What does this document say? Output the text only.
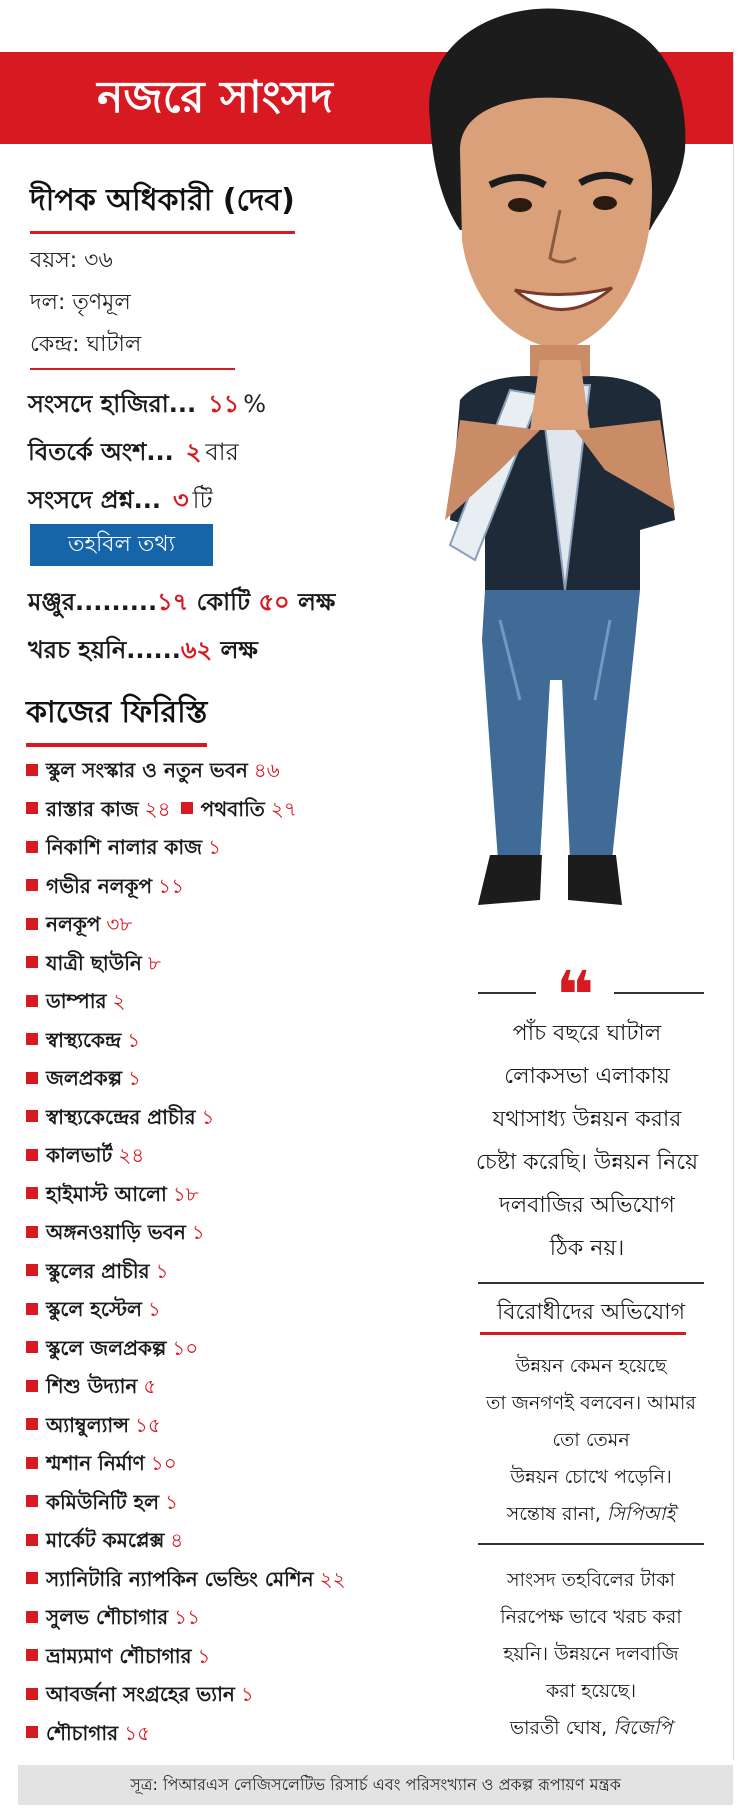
নজরে সাংসদ
দীপক অধিকারী (দেব)
বয়স: ৩৬
দল: তৃণমূল
কেন্দ্র: ঘাটাল
সংসদে হাজিরা... ১১ %
বিতর্কে অংশ... ২ বার
সংসদে প্রশ্ন... ৩ টি
তহবিল তথ্য
মঞ্জুর.........১৭ কোটি ৫০ লক্ষ
খরচ হয়নি......৬২ লক্ষ
কাজের ফিরিস্তি
স্কুল সংস্কার ও নতুন ভবন ৪৬
রাস্তার কাজ ২৪ পথবাতি ২৭
নিকাশি নালার কাজ ১
গভীর নলকূপ ১১
নলকূপ ৩৮
যাত্রী ছাউনি ৮
ডাম্পার ২
স্বাস্থ্যকেন্দ্র ১
জলপ্রকল্প ১
স্বাস্থ্যকেন্দ্রের প্রাচীর ১
কালভার্ট ২৪
হাইমাস্ট আলো ১৮
অঙ্গনওয়াড়ি ভবন ১
স্কুলের প্রাচীর ১
স্কুলে হস্টেল ১
স্কুলে জলপ্রকল্প ১০
শিশু উদ্যান ৫
অ্যাম্বুল্যান্স ১৫
শ্মশান নির্মাণ ১০
কমিউনিটি হল ১
মার্কেট কমপ্লেক্স ৪
স্যানিটারি ন্যাপকিন ভেন্ডিং মেশিন ২২
সুলভ শৌচাগার ১১
ভ্রাম্যমাণ শৌচাগার ১
আবর্জনা সংগ্রহের ভ্যান ১
শৌচাগার ১৫
❝
পাঁচ বছরে ঘাটাল
লোকসভা এলাকায়
যথাসাধ্য উন্নয়ন করার
চেষ্টা করেছি। উন্নয়ন নিয়ে
দলবাজির অভিযোগ
ঠিক নয়।
বিরোধীদের অভিযোগ
উন্নয়ন কেমন হয়েছে
তা জনগণই বলবেন। আমার
তো তেমন
উন্নয়ন চোখে পড়েনি।
সন্তোষ রানা, সিপিআই
সাংসদ তহবিলের টাকা
নিরপেক্ষ ভাবে খরচ করা
হয়নি। উন্নয়নে দলবাজি
করা হয়েছে।
ভারতী ঘোষ, বিজেপি
সূত্র: পিআরএস লেজিসলেটিভ রিসার্চ এবং পরিসংখ্যান ও প্রকল্প রূপায়ণ মন্ত্রক
